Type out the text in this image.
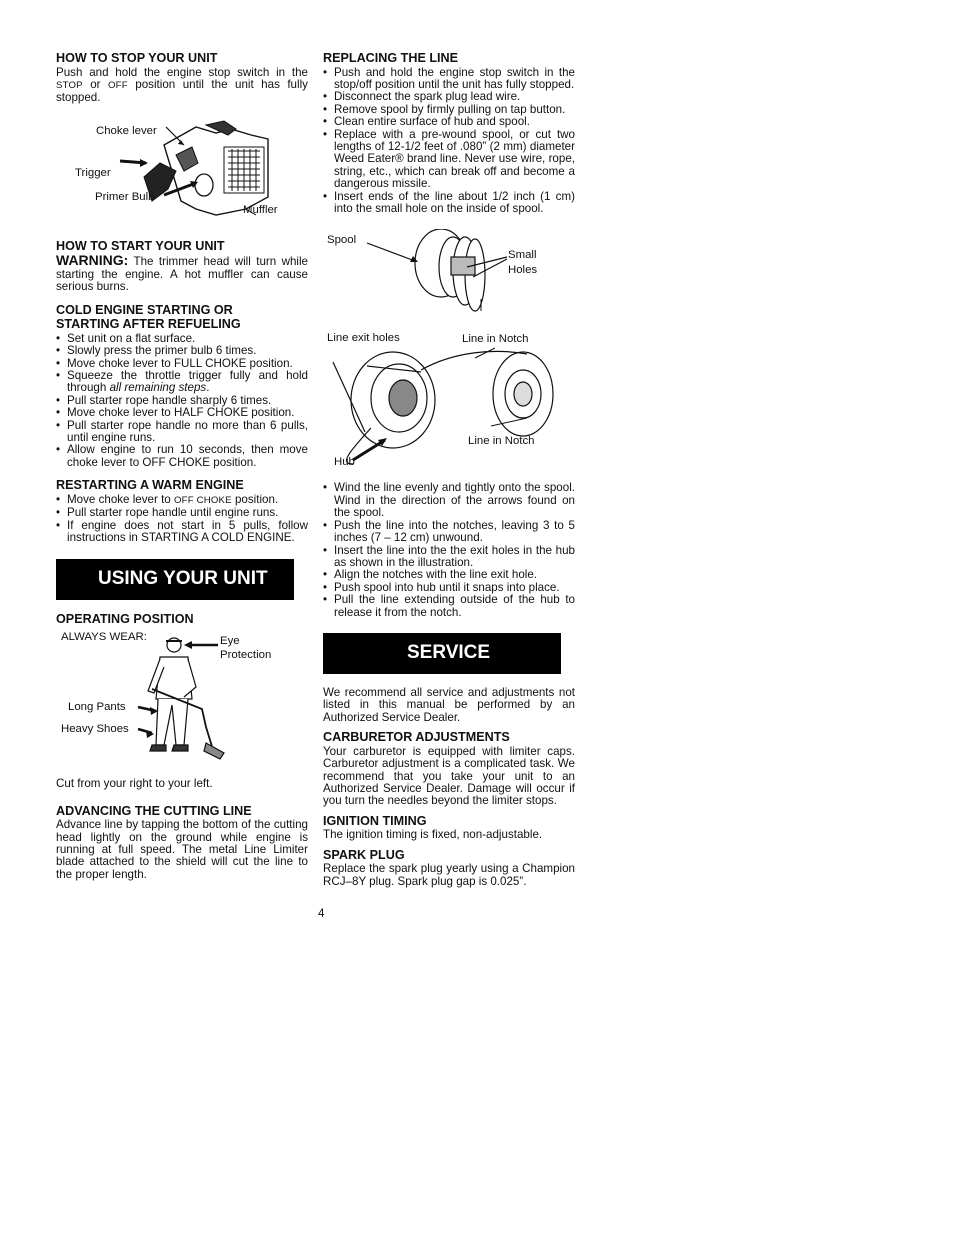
HOW TO STOP YOUR UNIT

Push and hold the engine stop switch in the STOP or OFF position until the unit has fully stopped.

Choke lever
Trigger
Primer Bulb
Muffler
HOW TO START YOUR UNIT

WARNING: The trimmer head will turn while starting the engine. A hot muffler can cause serious burns.

COLD ENGINE STARTING OR
STARTING AFTER REFUELING
• Set unit on a flat surface.
• Slowly press the primer bulb 6 times.
• Move choke lever to FULL CHOKE position.
• Squeeze the throttle trigger fully and hold through all remaining steps.
• Pull starter rope handle sharply 6 times.
• Move choke lever to HALF CHOKE position.
• Pull starter rope handle no more than 6 pulls, until engine runs.
• Allow engine to run 10 seconds, then move choke lever to OFF CHOKE position.
RESTARTING A WARM ENGINE
• Move choke lever to OFF CHOKE position.
• Pull starter rope handle until engine runs.
• If engine does not start in 5 pulls, follow instructions in STARTING A COLD ENGINE.
USING YOUR UNIT
OPERATING POSITION
ALWAYS WEAR:	Eye
Protection
Long Pants
Heavy Shoes

Cut from your right to your left.

ADVANCING THE CUTTING LINE

Advance line by tapping the bottom of the cutting head lightly on the ground while engine is running at full speed. The metal Line Limiter blade attached to the shield will cut the line to the proper length.

REPLACING THE LINE
• Push and hold the engine stop switch in the stop/off position until the unit has fully stopped.
• Disconnect the spark plug lead wire.
• Remove spool by firmly pulling on tap button.
• Clean entire surface of hub and spool.
• Replace with a pre-wound spool, or cut two lengths of 12-1/2 feet of .080” (2 mm) diameter Weed Eater® brand line. Never use wire, rope, string, etc., which can break off and become a dangerous missile.
• Insert ends of the line about 1/2 inch (1 cm) into the small hole on the inside of spool.
Spool
Small
Holes
Line exit holes	Line in Notch
Line in Notch
Hub
• Wind the line evenly and tightly onto the spool. Wind in the direction of the arrows found on the spool.
• Push the line into the notches, leaving 3 to 5 inches (7 – 12 cm) unwound.
• Insert the line into the the exit holes in the hub as shown in the illustration.
• Align the notches with the line exit hole.
• Push spool into hub until it snaps into place.
• Pull the line extending outside of the hub to release it from the notch.
SERVICE

We recommend all service and adjustments not listed in this manual be performed by an Authorized Service Dealer.

CARBURETOR ADJUSTMENTS

Your carburetor is equipped with limiter caps. Carburetor adjustment is a complicated task. We recommend that you take your unit to an Authorized Service Dealer. Damage will occur if you turn the needles beyond the limiter stops.

IGNITION TIMING

The ignition timing is fixed, non-adjustable.

SPARK PLUG

Replace the spark plug yearly using a Champion RCJ–8Y plug. Spark plug gap is 0.025”.

4
